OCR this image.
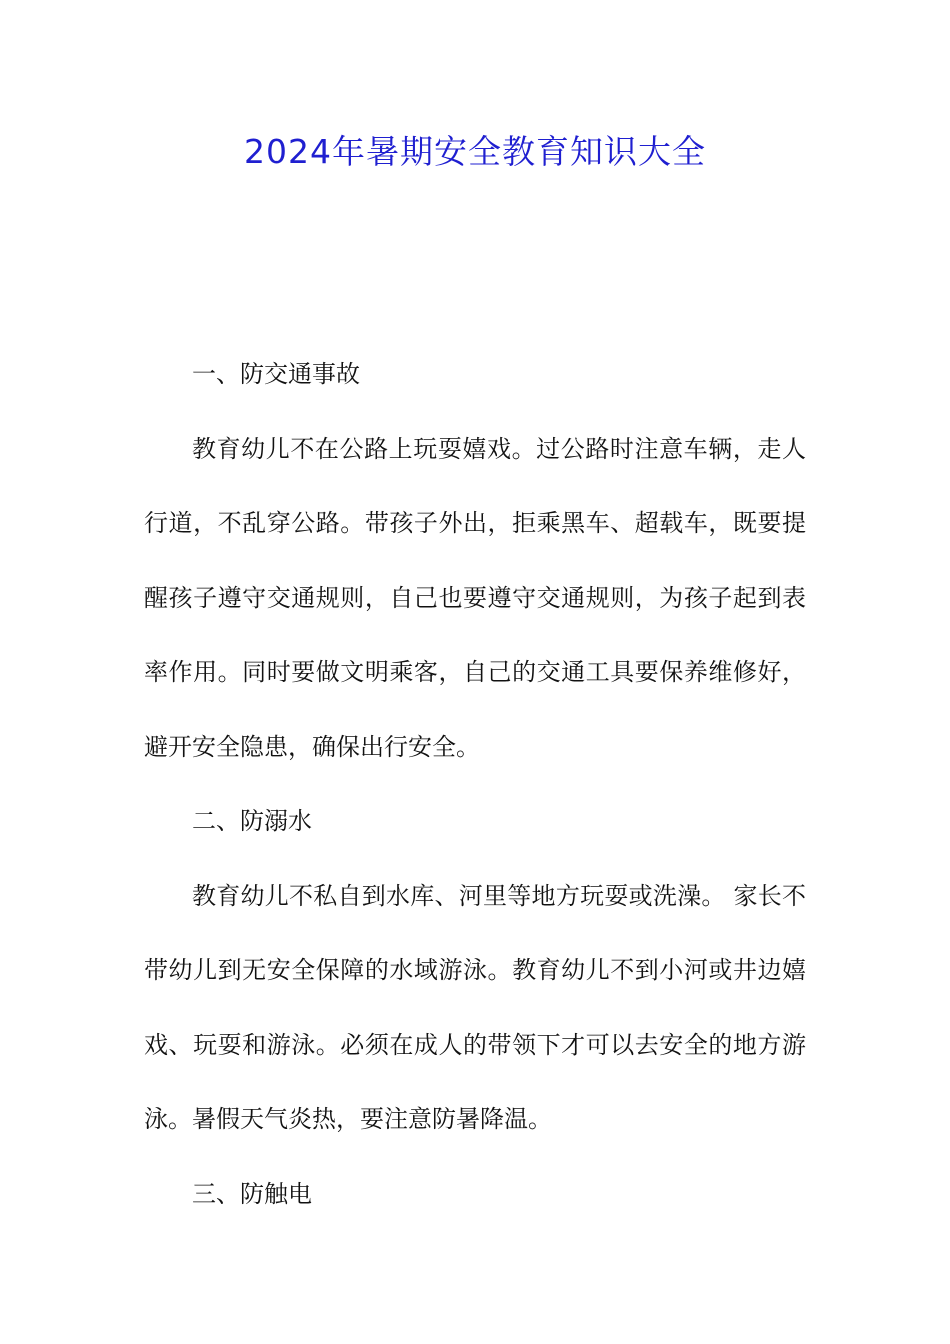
2024年暑期安全教育知识大全
一、防交通事故

教育幼儿不在公路上玩耍嬉戏。过公路时注意车辆，走人行道，不乱穿公路。带孩子外出，拒乘黑车、超载车，既要提醒孩子遵守交通规则，自己也要遵守交通规则，为孩子起到表率作用。同时要做文明乘客，自己的交通工具要保养维修好，避开安全隐患，确保出行安全。

二、防溺水

教育幼儿不私自到水库、河里等地方玩耍或洗澡。 家长不带幼儿到无安全保障的水域游泳。教育幼儿不到小河或井边嬉戏、玩耍和游泳。必须在成人的带领下才可以去安全的地方游泳。暑假天气炎热，要注意防暑降温。

三、防触电
